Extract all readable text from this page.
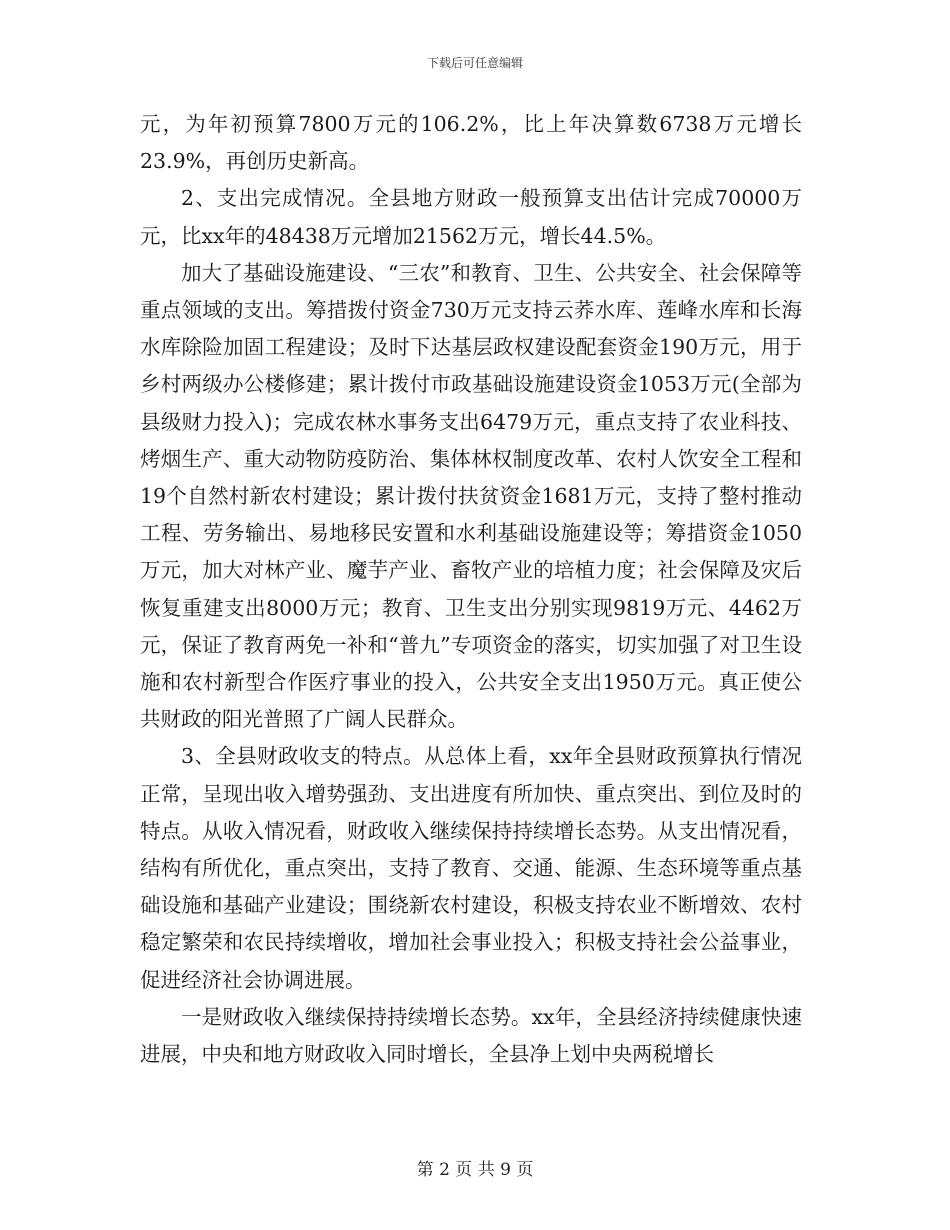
下载后可任意编辑

元，为年初预算7800万元的106.2%，比上年决算数6738万元增长23.9%，再创历史新高。

2、支出完成情况。全县地方财政一般预算支出估计完成70000万元，比xx年的48438万元增加21562万元，增长44.5%。

加大了基础设施建设、“三农”和教育、卫生、公共安全、社会保障等重点领域的支出。筹措拨付资金730万元支持云荞水库、莲峰水库和长海水库除险加固工程建设；及时下达基层政权建设配套资金190万元，用于乡村两级办公楼修建；累计拨付市政基础设施建设资金1053万元(全部为县级财力投入)；完成农林水事务支出6479万元，重点支持了农业科技、烤烟生产、重大动物防疫防治、集体林权制度改革、农村人饮安全工程和19个自然村新农村建设；累计拨付扶贫资金1681万元，支持了整村推动工程、劳务输出、易地移民安置和水利基础设施建设等；筹措资金1050万元，加大对林产业、魔芋产业、畜牧产业的培植力度；社会保障及灾后恢复重建支出8000万元；教育、卫生支出分别实现9819万元、4462万元，保证了教育两免一补和“普九”专项资金的落实，切实加强了对卫生设施和农村新型合作医疗事业的投入，公共安全支出1950万元。真正使公共财政的阳光普照了广阔人民群众。

3、全县财政收支的特点。从总体上看，xx年全县财政预算执行情况正常，呈现出收入增势强劲、支出进度有所加快、重点突出、到位及时的特点。从收入情况看，财政收入继续保持持续增长态势。从支出情况看，结构有所优化，重点突出，支持了教育、交通、能源、生态环境等重点基础设施和基础产业建设；围绕新农村建设，积极支持农业不断增效、农村稳定繁荣和农民持续增收，增加社会事业投入；积极支持社会公益事业，促进经济社会协调进展。

一是财政收入继续保持持续增长态势。xx年，全县经济持续健康快速进展，中央和地方财政收入同时增长，全县净上划中央两税增长

第 2 页 共 9 页
